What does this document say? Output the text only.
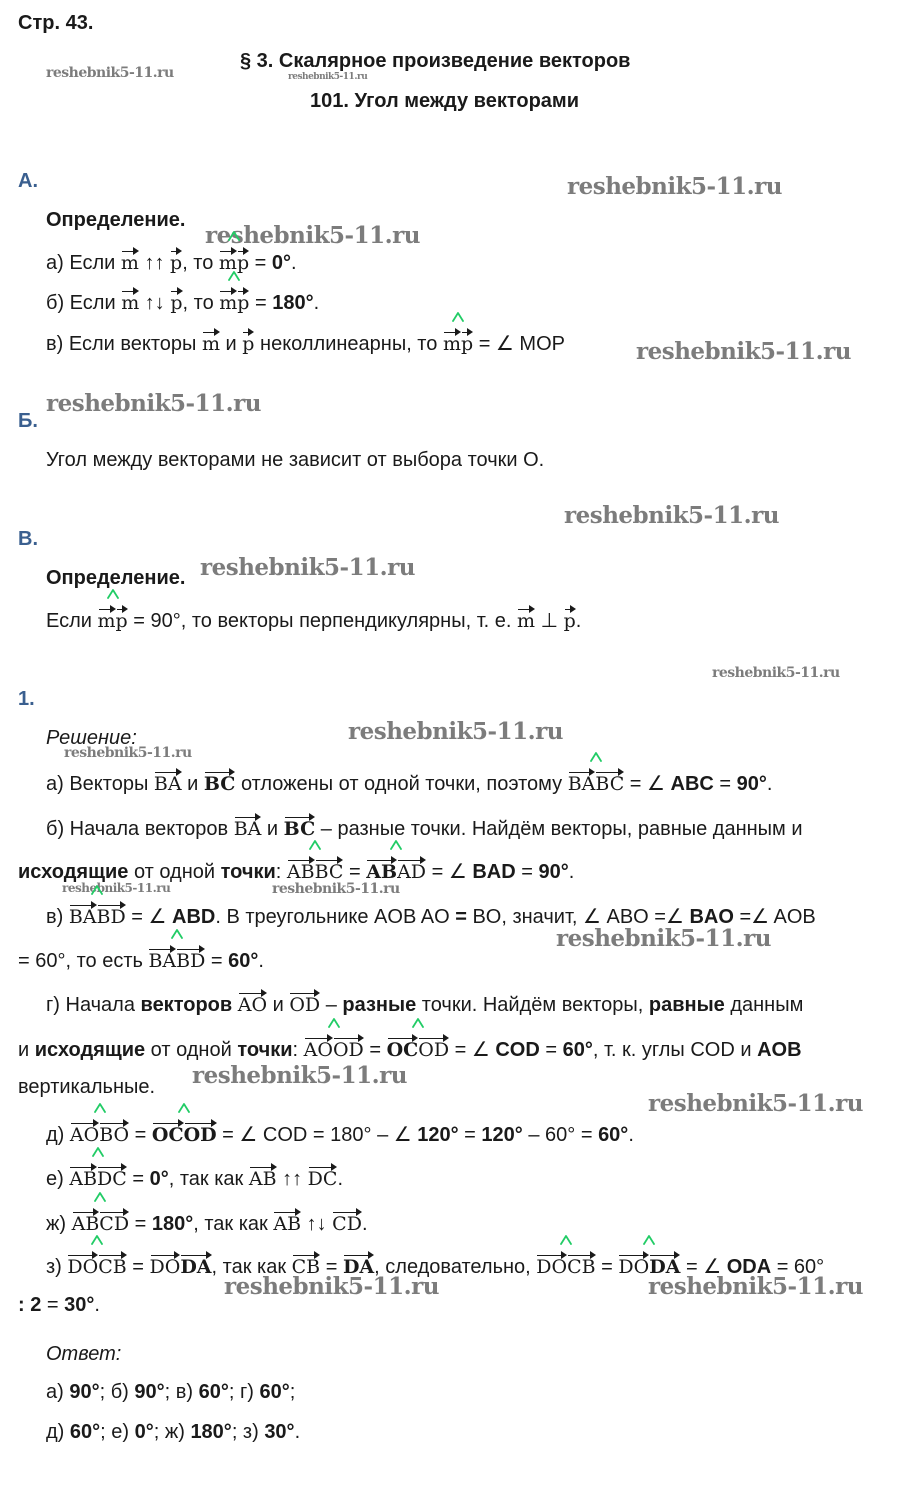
Стр. 43.
§ 3. Скалярное произведение векторов
101. Угол между векторами
reshebnik5-11.ru	reshebnik5-11.ru
reshebnik5-11.ru
reshebnik5-11.ru
reshebnik5-11.ru
reshebnik5-11.ru
reshebnik5-11.ru
reshebnik5-11.ru
reshebnik5-11.ru
reshebnik5-11.ru
reshebnik5-11.ru
reshebnik5-11.ru	reshebnik5-11.ru
reshebnik5-11.ru
reshebnik5-11.ru
reshebnik5-11.ru
reshebnik5-11.ru	reshebnik5-11.ru
А.
Определение.
а) Если m ↑↑ p, то
mp = 0°.
б) Если m ↑↓ p, то
mp = 180°.
в) Если векторы m и p неколлинеарны, то
mp = ∠ MOP
Б.
Угол между векторами не зависит от выбора точки О.
В.
Определение.
Если
mp = 90°, то векторы перпендикулярны, т. е. m ⊥ p.
1.
Решение:
а) Векторы BA и BC отложены от одной точки, поэтому
BABC = ∠ ABC = 90°.
б) Начала векторов BA и BC – разные точки. Найдём векторы, равные данным и
исходящие от одной точки:
ABBC =
ABAD = ∠ BAD = 90°.
в)
BABD = ∠ ABD. В треугольнике AOB AO = BO, значит, ∠ ABO =∠ BAO =∠ AOB
= 60°, то есть
BABD = 60°.
г) Начала векторов AO и OD – разные точки. Найдём векторы, равные данным
и исходящие от одной точки:
AOOD =
OCOD = ∠ COD = 60°, т. к. углы COD и AOB
вертикальные.
д)
AOBO =
OCOD = ∠ COD = 180° – ∠ 120° = 120° – 60° = 60°.
е)
ABDC = 0°, так как AB ↑↑ DC.
ж)
ABCD = 180°, так как AB ↑↓ CD.
з)
DOCB = DODA, так как CB = DA, следовательно,
DOCB =
DODA = ∠ ODA = 60°
: 2 = 30°.
Ответ:
а) 90°; б) 90°; в) 60°; г) 60°;
д) 60°; е) 0°; ж) 180°; з) 30°.
